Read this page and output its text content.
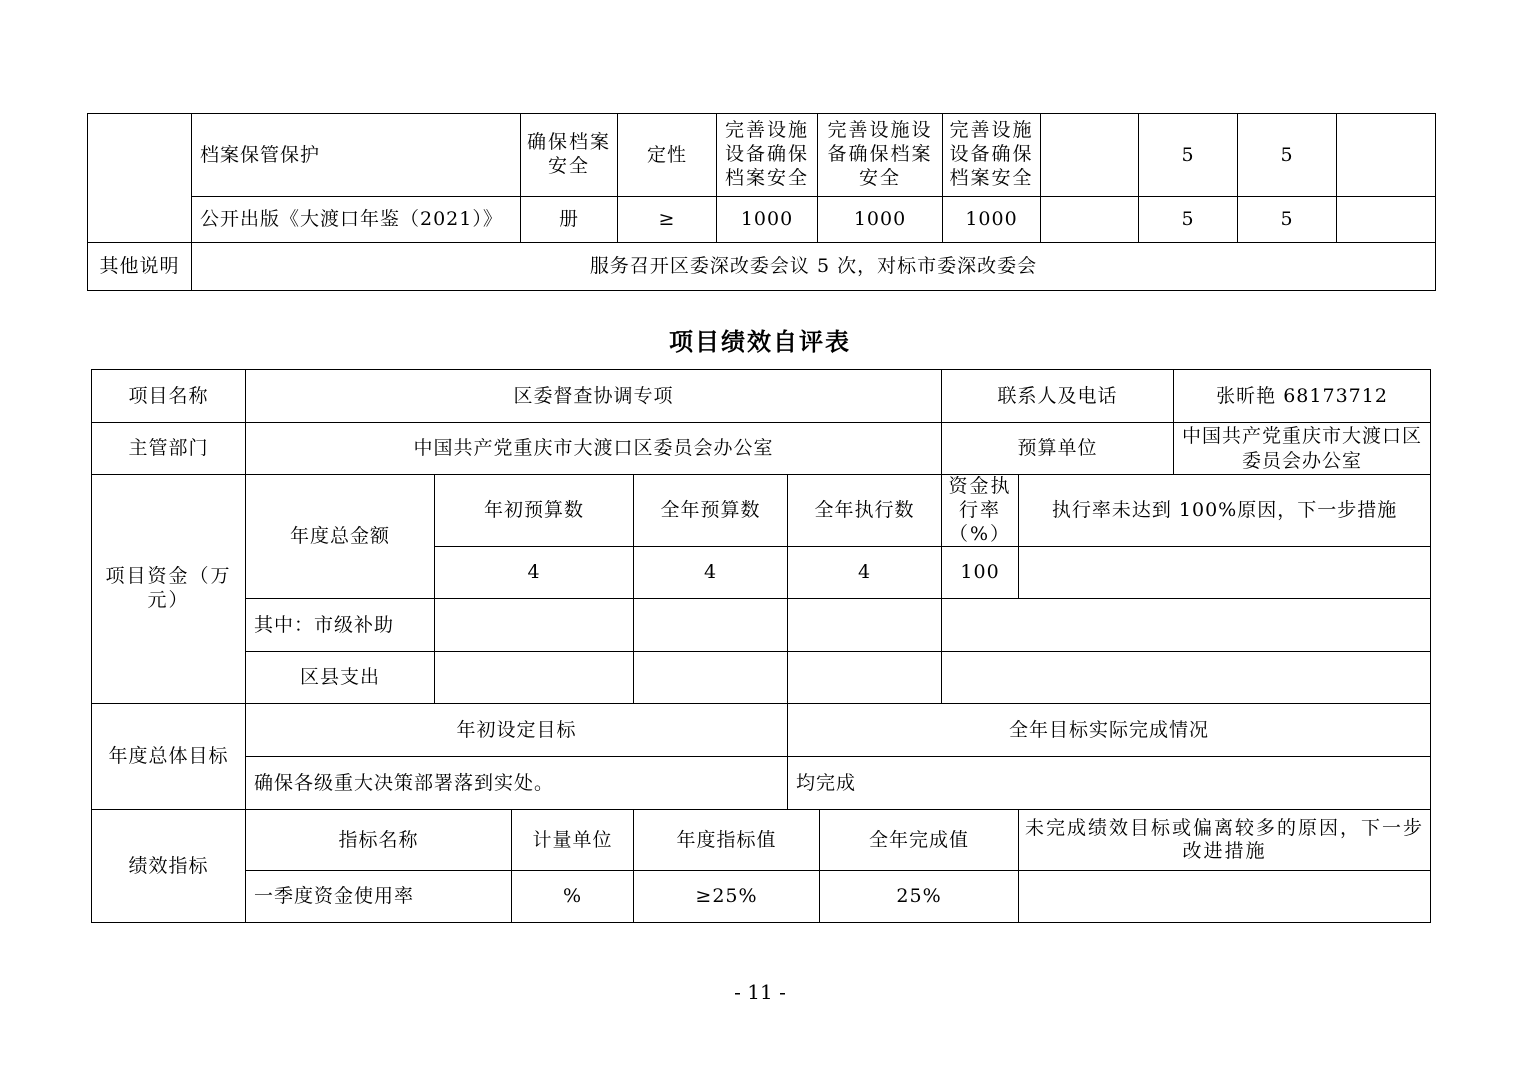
	档案保管保护	确保档案安全	定性	完善设施设备确保档案安全	完善设施设备确保档案安全	完善设施设备确保档案安全		5	5	
	公开出版《大渡口年鉴（2021）》	册	≥	1000	1000	1000		5	5	
其他说明	服务召开区委深改委会议 5 次，对标市委深改委会									
项目绩效自评表
项目名称	区委督查协调专项						联系人及电话		张昕艳 68173712
主管部门	中国共产党重庆市大渡口区委员会办公室						预算单位		中国共产党重庆市大渡口区委员会办公室
项目资金（万元）	年度总金额	年初预算数		全年预算数	全年执行数		资金执行率（%）	执行率未达到 100%原因，下一步措施	
		4		4	4		100		
	其中：市级补助								
	区县支出								
年度总体目标	年初设定目标				全年目标实际完成情况				
	确保各级重大决策部署落到实处。				均完成				
绩效指标	指标名称		计量单位	年度指标值		全年完成值		未完成绩效目标或偏离较多的原因，下一步改进措施	
	一季度资金使用率		%	≥25%		25%			
- 11 -
